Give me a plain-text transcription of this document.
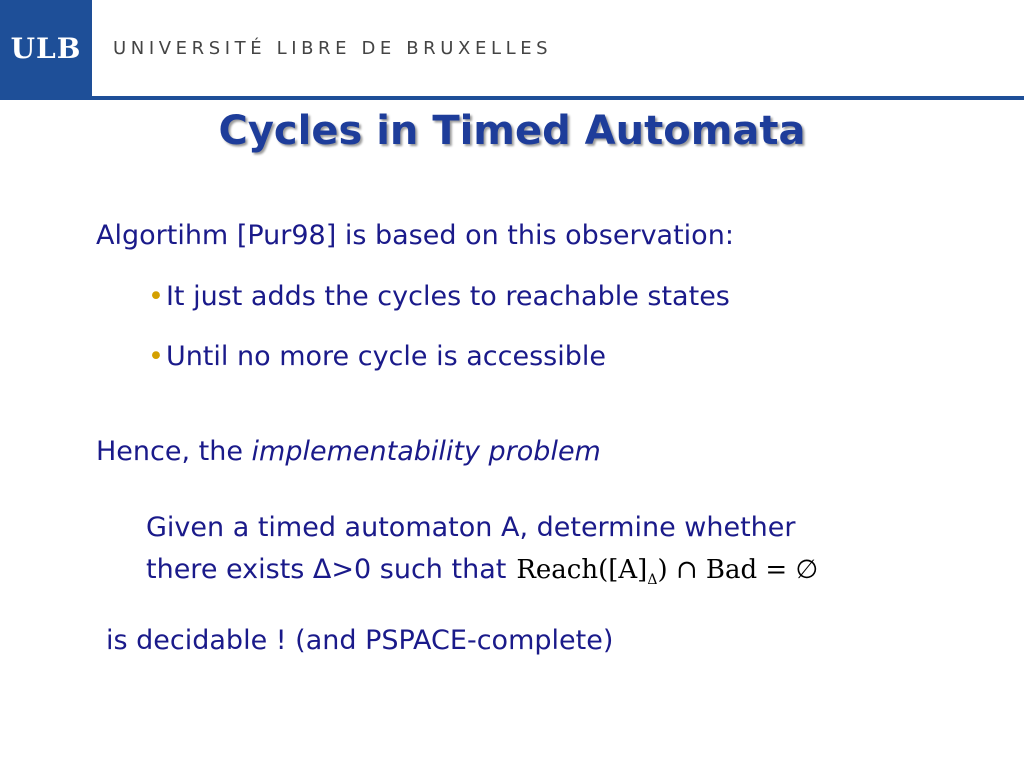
ULB	UNIVERSITÉ LIBRE DE BRUXELLES
Cycles in Timed Automata
Algortihm [Pur98] is based on this observation:
•It just adds the cycles to reachable states
•Until no more cycle is accessible
Hence, the implementability problem
Given a timed automaton A, determine whether
there exists Δ>0 such that $Reach([A]_\Delta)$ ∩ Bad = ∅
is decidable ! (and PSPACE-complete)
